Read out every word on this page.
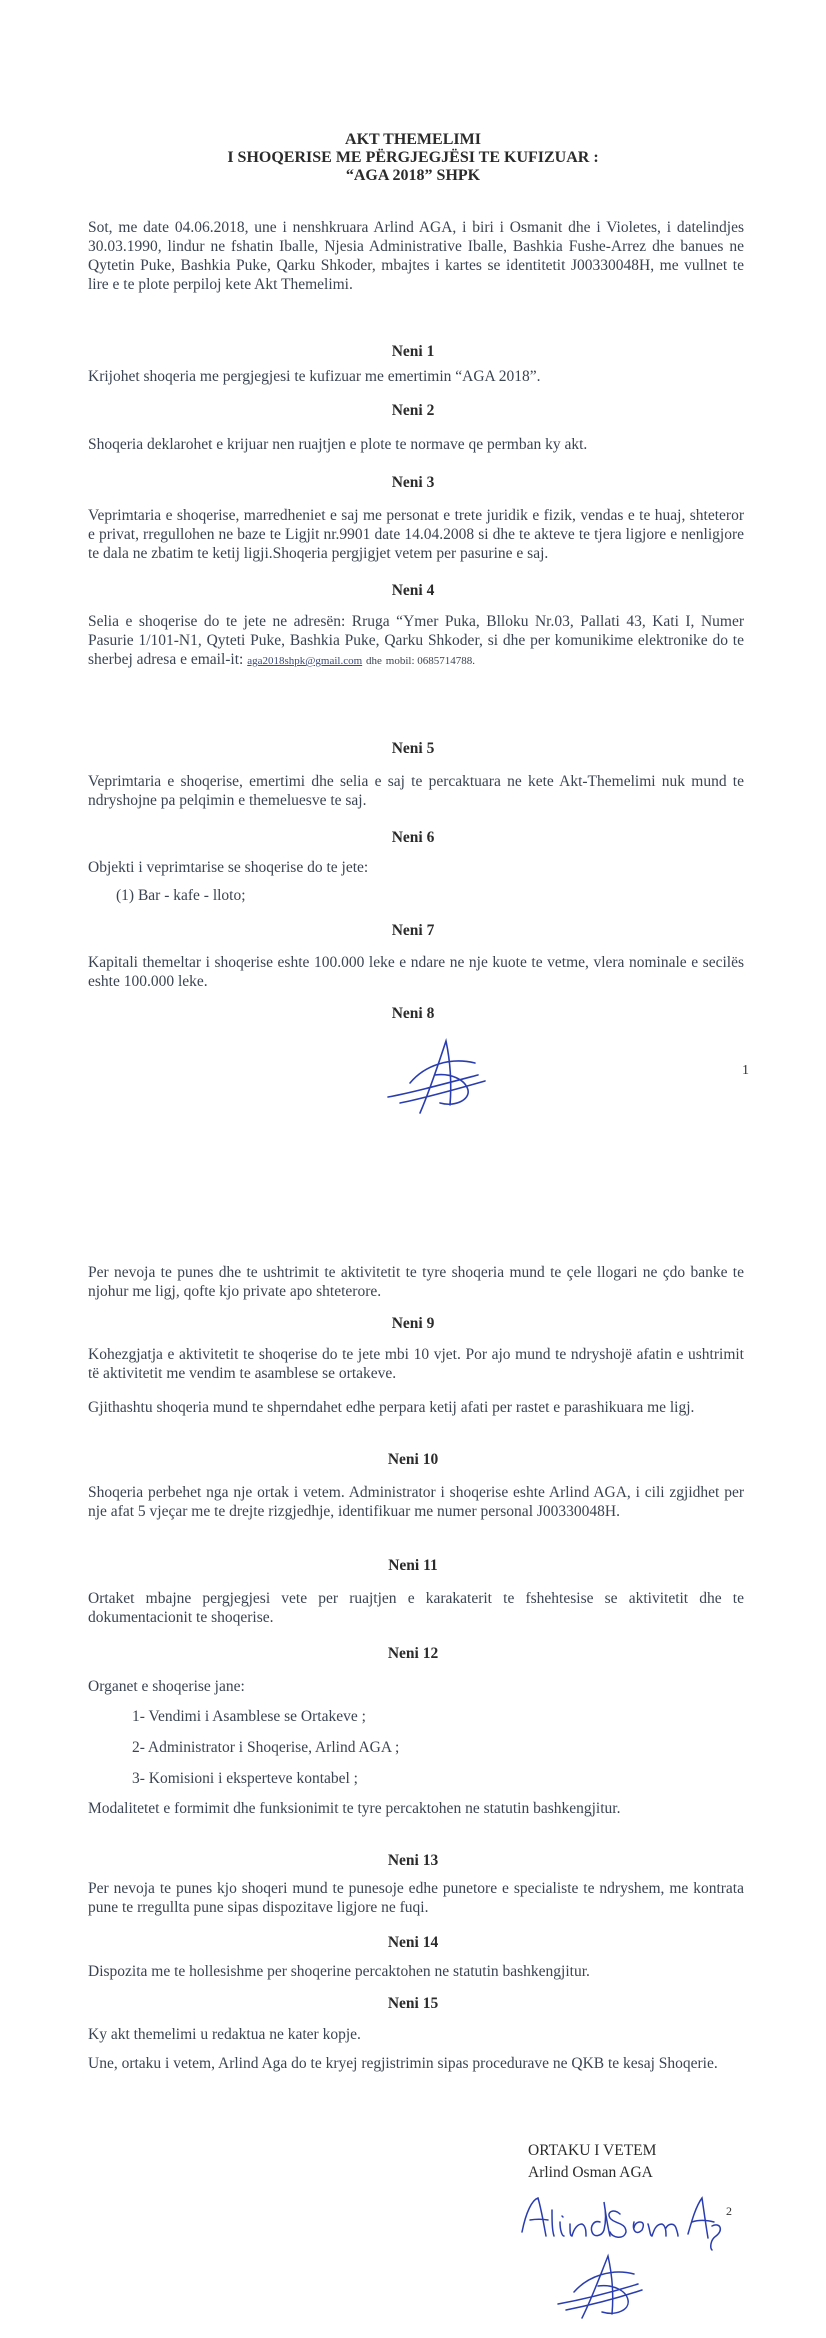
AKT THEMELIMI
I SHOQERISE ME PËRGJEGJËSI TE KUFIZUAR :
“AGA 2018” SHPK

Sot, me date 04.06.2018, une i nenshkruara Arlind AGA, i biri i Osmanit dhe i Violetes, i datelindjes 30.03.1990, lindur ne fshatin Iballe, Njesia Administrative Iballe, Bashkia Fushe-Arrez dhe banues ne Qytetin Puke, Bashkia Puke, Qarku Shkoder, mbajtes i kartes se identitetit J00330048H, me vullnet te lire e te plote perpiloj kete Akt Themelimi.

Neni 1

Krijohet shoqeria me pergjegjesi te kufizuar me emertimin “AGA 2018”.

Neni 2

Shoqeria deklarohet e krijuar nen ruajtjen e plote te normave qe permban ky akt.

Neni 3

Veprimtaria e shoqerise, marredheniet e saj me personat e trete juridik e fizik, vendas e te huaj, shteteror e privat, rregullohen ne baze te Ligjit nr.9901 date 14.04.2008 si dhe te akteve te tjera ligjore e nenligjore te dala ne zbatim te ketij ligji.Shoqeria pergjigjet vetem per pasurine e saj.

Neni 4

Selia e shoqerise do te jete ne adresën: Rruga “Ymer Puka, Blloku Nr.03, Pallati 43, Kati I, Numer Pasurie 1/101-N1, Qyteti Puke, Bashkia Puke, Qarku Shkoder, si dhe per komunikime elektronike do te sherbej adresa e email-it: aga2018shpk@gmail.com dhe mobil: 0685714788.

Neni 5

Veprimtaria e shoqerise, emertimi dhe selia e saj te percaktuara ne kete Akt-Themelimi nuk mund te ndryshojne pa pelqimin e themeluesve te saj.

Neni 6

Objekti i veprimtarise se shoqerise do te jete:

(1) Bar - kafe - lloto;
Neni 7

Kapitali themeltar i shoqerise eshte 100.000 leke e ndare ne nje kuote te vetme, vlera nominale e secilës eshte 100.000 leke.

Neni 8
1

Per nevoja te punes dhe te ushtrimit te aktivitetit te tyre shoqeria mund te çele llogari ne çdo banke te njohur me ligj, qofte kjo private apo shteterore.

Neni 9

Kohezgjatja e aktivitetit te shoqerise do te jete mbi 10 vjet. Por ajo mund te ndryshojë afatin e ushtrimit të aktivitetit me vendim te asamblese se ortakeve.

Gjithashtu shoqeria mund te shperndahet edhe perpara ketij afati per rastet e parashikuara me ligj.

Neni 10

Shoqeria perbehet nga nje ortak i vetem. Administrator i shoqerise eshte Arlind AGA, i cili zgjidhet per nje afat 5 vjeçar me te drejte rizgjedhje, identifikuar me numer personal J00330048H.

Neni 11

Ortaket mbajne pergjegjesi vete per ruajtjen e karakaterit te fshehtesise se aktivitetit dhe te dokumentacionit te shoqerise.

Neni 12

Organet e shoqerise jane:

1- Vendimi i Asamblese se Ortakeve ;
2- Administrator i Shoqerise, Arlind AGA ;
3- Komisioni i eksperteve kontabel ;

Modalitetet e formimit dhe funksionimit te tyre percaktohen ne statutin bashkengjitur.

Neni 13

Per nevoja te punes kjo shoqeri mund te punesoje edhe punetore e specialiste te ndryshem, me kontrata pune te rregullta pune sipas dispozitave ligjore ne fuqi.

Neni 14

Dispozita me te hollesishme per shoqerine percaktohen ne statutin bashkengjitur.

Neni 15

Ky akt themelimi u redaktua ne kater kopje.

Une, ortaku i vetem, Arlind Aga do te kryej regjistrimin sipas procedurave ne QKB te kesaj Shoqerie.

ORTAKU I VETEM
Arlind Osman AGA
2
